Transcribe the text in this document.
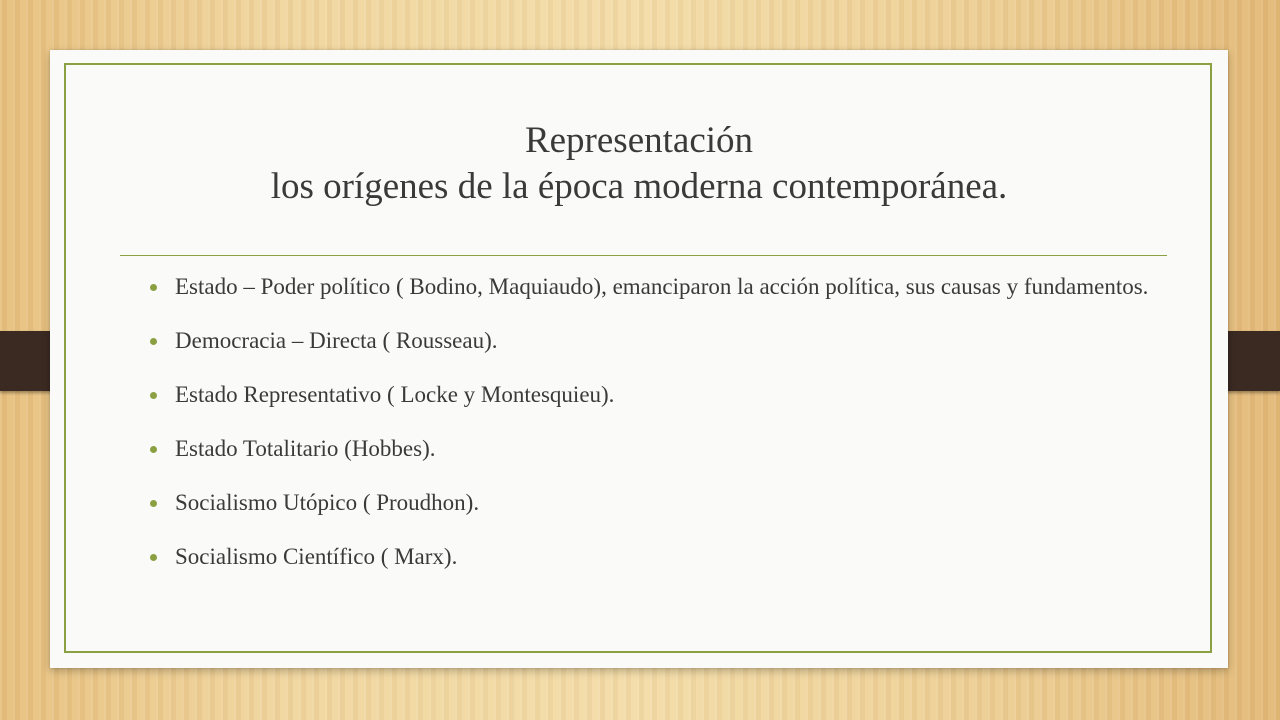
Representación
los orígenes de la época moderna contemporánea.
Estado – Poder político ( Bodino, Maquiaudo), emanciparon la acción política, sus causas y fundamentos.
Democracia – Directa ( Rousseau).
Estado Representativo ( Locke y Montesquieu).
Estado Totalitario (Hobbes).
Socialismo Utópico ( Proudhon).
Socialismo Científico ( Marx).
